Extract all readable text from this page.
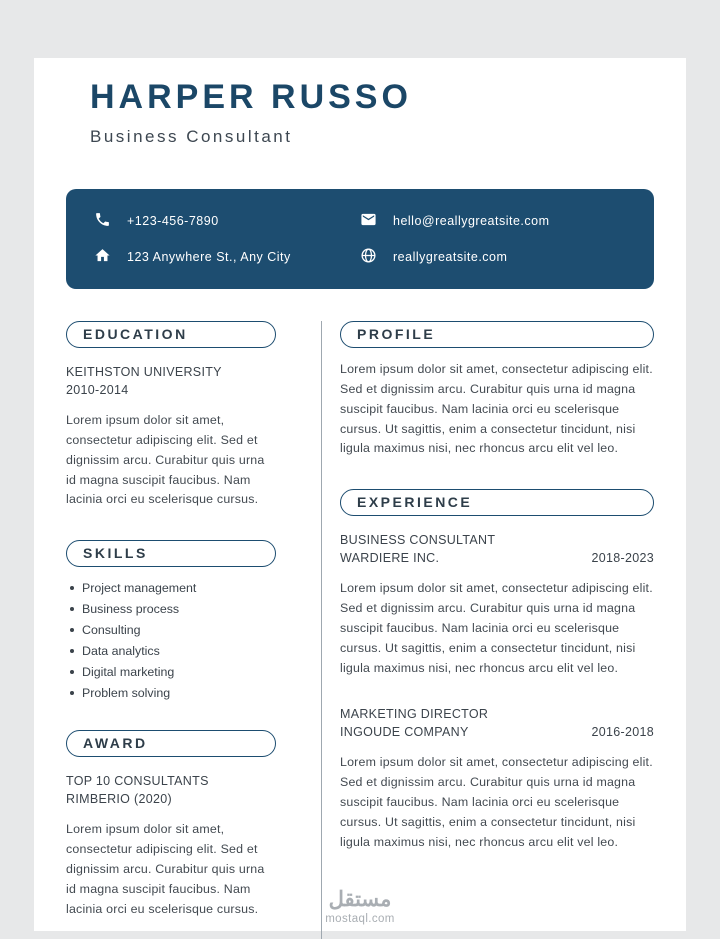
HARPER RUSSO
Business Consultant
+123-456-7890	hello@reallygreatsite.com
123 Anywhere St., Any City	reallygreatsite.com
EDUCATION
KEITHSTON UNIVERSITY
2010-2014
Lorem ipsum dolor sit amet, consectetur adipiscing elit. Sed et dignissim arcu. Curabitur quis urna id magna suscipit faucibus. Nam lacinia orci eu scelerisque cursus.
SKILLS
Project management
Business process
Consulting
Data analytics
Digital marketing
Problem solving
AWARD
TOP 10 CONSULTANTS
RIMBERIO (2020)
Lorem ipsum dolor sit amet, consectetur adipiscing elit. Sed et dignissim arcu. Curabitur quis urna id magna suscipit faucibus. Nam lacinia orci eu scelerisque cursus.
PROFILE
Lorem ipsum dolor sit amet, consectetur adipiscing elit. Sed et dignissim arcu. Curabitur quis urna id magna suscipit faucibus. Nam lacinia orci eu scelerisque cursus. Ut sagittis, enim a consectetur tincidunt, nisi ligula maximus nisi, nec rhoncus arcu elit vel leo.
EXPERIENCE
BUSINESS CONSULTANT
WARDIERE INC.	2018-2023
Lorem ipsum dolor sit amet, consectetur adipiscing elit. Sed et dignissim arcu. Curabitur quis urna id magna suscipit faucibus. Nam lacinia orci eu scelerisque cursus. Ut sagittis, enim a consectetur tincidunt, nisi ligula maximus nisi, nec rhoncus arcu elit vel leo.
MARKETING DIRECTOR
INGOUDE COMPANY	2016-2018
Lorem ipsum dolor sit amet, consectetur adipiscing elit. Sed et dignissim arcu. Curabitur quis urna id magna suscipit faucibus. Nam lacinia orci eu scelerisque cursus. Ut sagittis, enim a consectetur tincidunt, nisi ligula maximus nisi, nec rhoncus arcu elit vel leo.
مستقل
mostaql.com
